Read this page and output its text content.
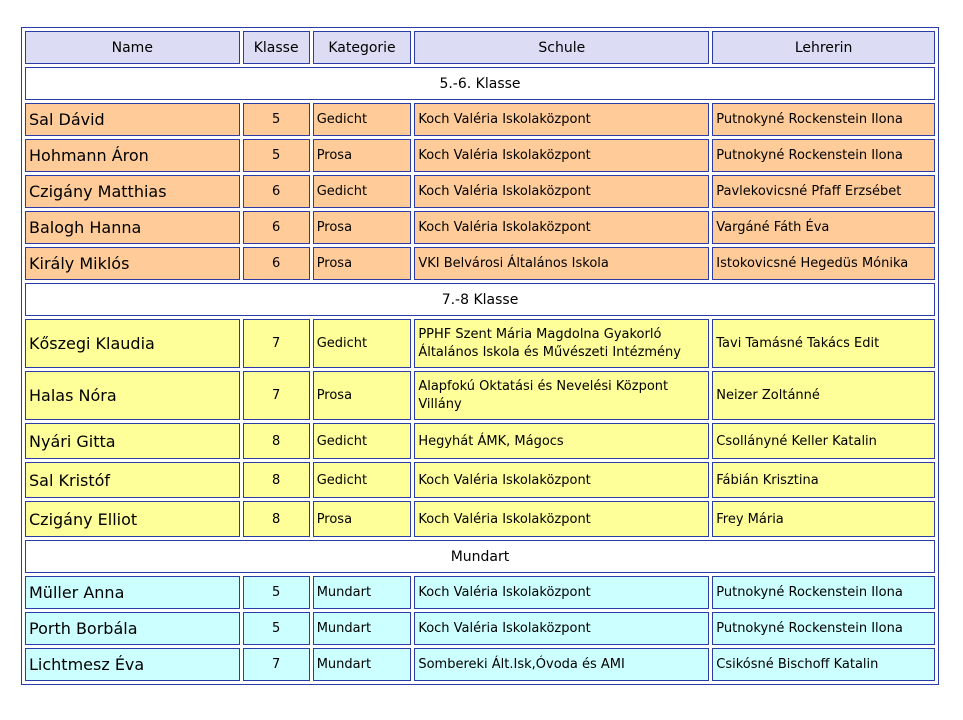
Name	Klasse	Kategorie	Schule	Lehrerin
5.-6. Klasse				
Sal Dávid	5	Gedicht	Koch Valéria Iskolaközpont	Putnokyné Rockenstein Ilona
Hohmann Áron	5	Prosa	Koch Valéria Iskolaközpont	Putnokyné Rockenstein Ilona
Czigány Matthias	6	Gedicht	Koch Valéria Iskolaközpont	Pavlekovicsné Pfaff Erzsébet
Balogh Hanna	6	Prosa	Koch Valéria Iskolaközpont	Vargáné Fáth Éva
Király Miklós	6	Prosa	VKI Belvárosi Általános Iskola	Istokovicsné Hegedüs Mónika
7.-8 Klasse				
Kőszegi Klaudia	7	Gedicht	PPHF Szent Mária Magdolna Gyakorló Általános Iskola és Művészeti Intézmény	Tavi Tamásné Takács Edit
Halas Nóra	7	Prosa	Alapfokú Oktatási és Nevelési Központ Villány	Neizer Zoltánné
Nyári Gitta	8	Gedicht	Hegyhát ÁMK, Mágocs	Csollányné Keller Katalin
Sal Kristóf	8	Gedicht	Koch Valéria Iskolaközpont	Fábián Krisztina
Czigány Elliot	8	Prosa	Koch Valéria Iskolaközpont	Frey Mária
Mundart				
Müller Anna	5	Mundart	Koch Valéria Iskolaközpont	Putnokyné Rockenstein Ilona
Porth Borbála	5	Mundart	Koch Valéria Iskolaközpont	Putnokyné Rockenstein Ilona
Lichtmesz Éva	7	Mundart	Sombereki Ált.Isk,Óvoda és AMI	Csikósné Bischoff Katalin
